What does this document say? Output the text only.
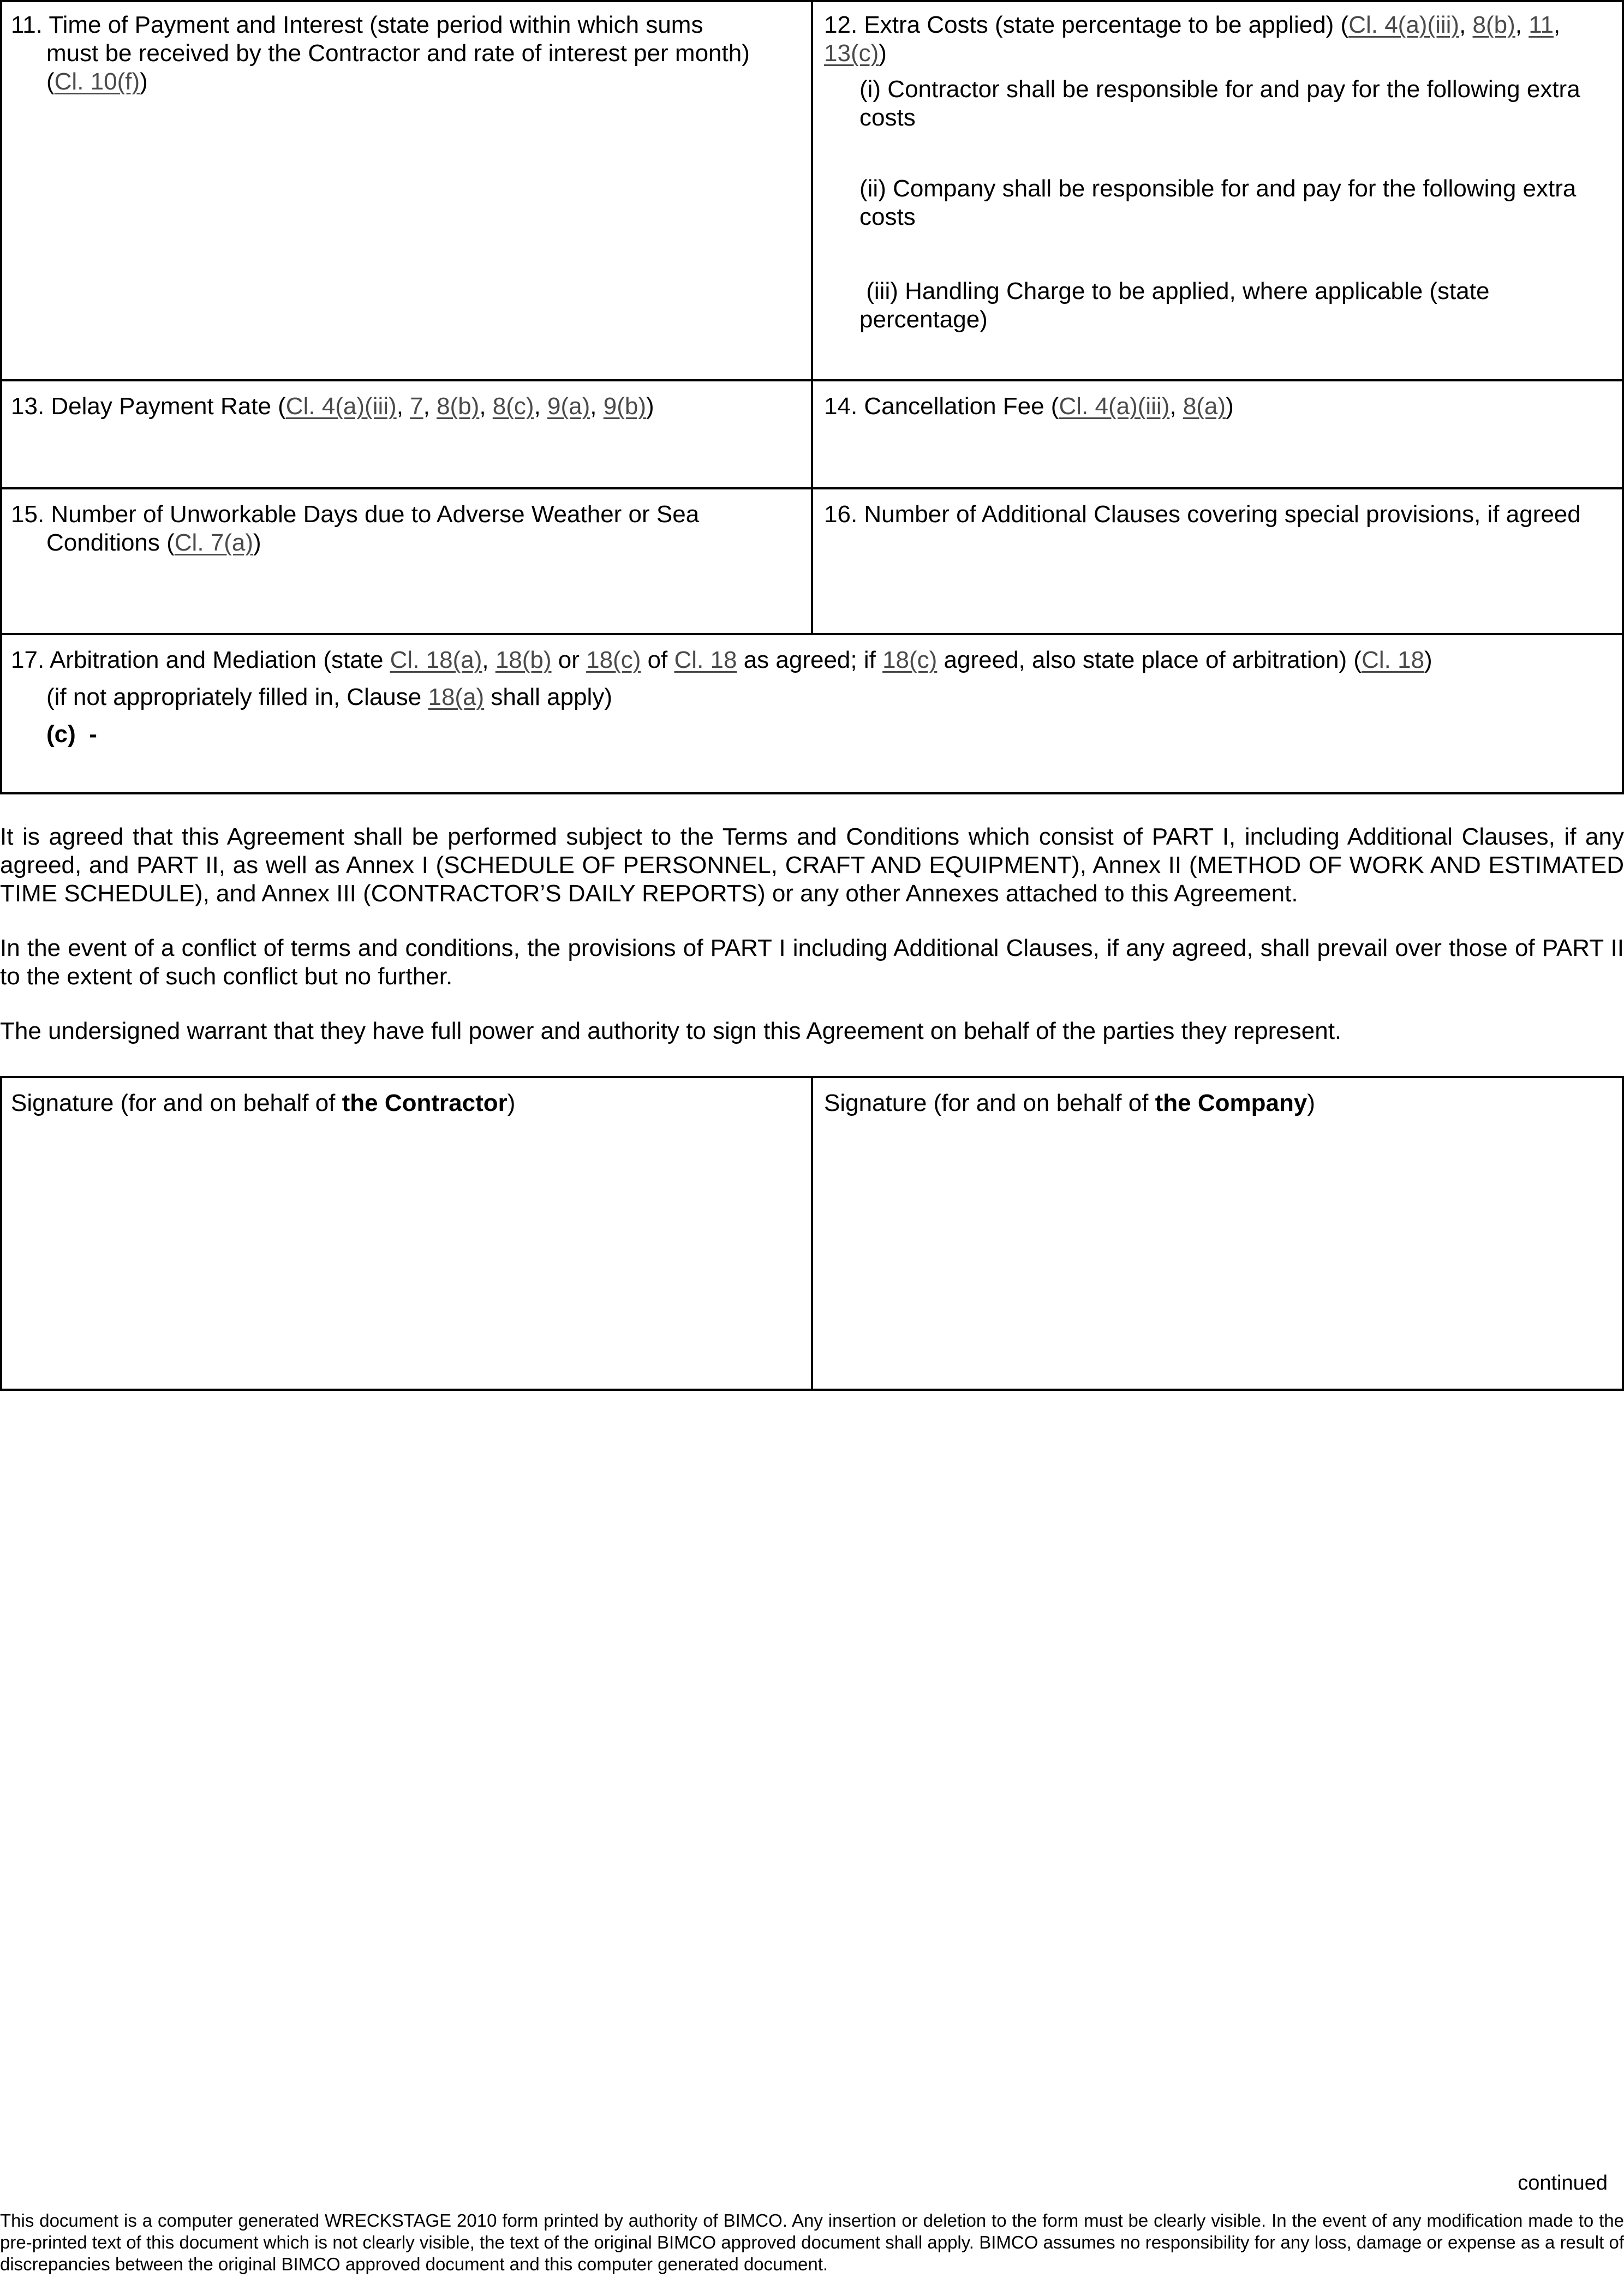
11. Time of Payment and Interest (state period within which sums
must be received by the Contractor and rate of interest per month)
(Cl. 10(f))
12. Extra Costs (state percentage to be applied) (Cl. 4(a)(iii), 8(b), 11,
13(c))
(i) Contractor shall be responsible for and pay for the following extra costs
(ii) Company shall be responsible for and pay for the following extra costs
(iii) Handling Charge to be applied, where applicable (state percentage)
13. Delay Payment Rate (Cl. 4(a)(iii), 7, 8(b), 8(c), 9(a), 9(b))	14. Cancellation Fee (Cl. 4(a)(iii), 8(a))
15. Number of Unworkable Days due to Adverse Weather or Sea
Conditions (Cl. 7(a))
16. Number of Additional Clauses covering special provisions, if agreed
17. Arbitration and Mediation (state Cl. 18(a), 18(b) or 18(c) of Cl. 18 as agreed; if 18(c) agreed, also state place of arbitration) (Cl. 18)
(if not appropriately filled in, Clause 18(a) shall apply)
(c)  -
It is agreed that this Agreement shall be performed subject to the Terms and Conditions which consist of PART I, including Additional Clauses, if any agreed, and PART II, as well as Annex I (SCHEDULE OF PERSONNEL, CRAFT AND EQUIPMENT), Annex II (METHOD OF WORK AND ESTIMATED TIME SCHEDULE), and Annex III (CONTRACTOR’S DAILY REPORTS) or any other Annexes attached to this Agreement.
In the event of a conflict of terms and conditions, the provisions of PART I including Additional Clauses, if any agreed, shall prevail over those of PART II to the extent of such conflict but no further.
The undersigned warrant that they have full power and authority to sign this Agreement on behalf of the parties they represent.
Signature (for and on behalf of the Contractor)	Signature (for and on behalf of the Company)
continued
This document is a computer generated WRECKSTAGE 2010 form printed by authority of BIMCO. Any insertion or deletion to the form must be clearly visible. In the event of any modification made to the pre-printed text of this document which is not clearly visible, the text of the original BIMCO approved document shall apply. BIMCO assumes no responsibility for any loss, damage or expense as a result of discrepancies between the original BIMCO approved document and this computer generated document.
